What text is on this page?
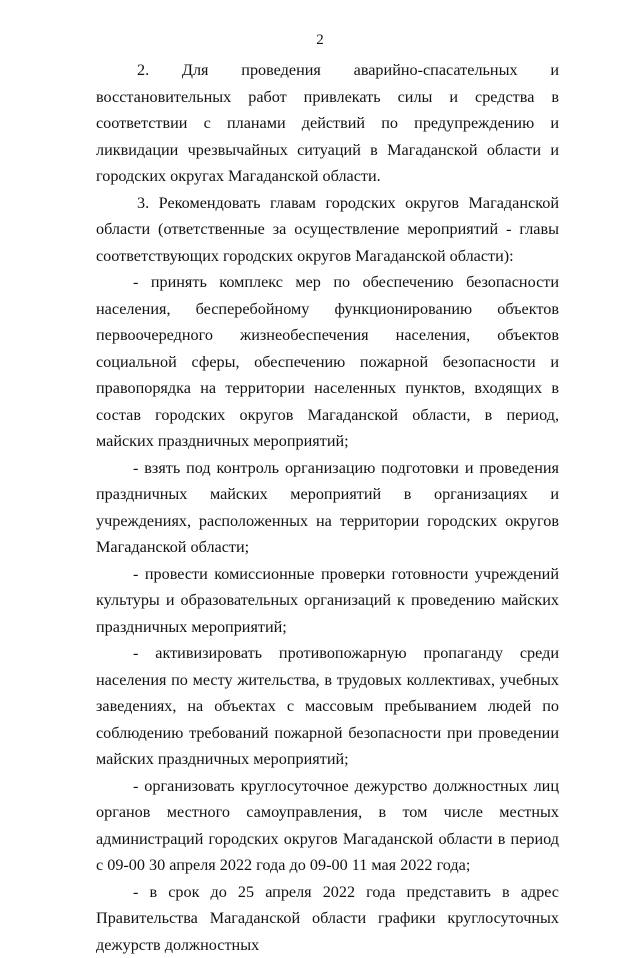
2

2. Для проведения аварийно-спасательных и восстановительных работ привлекать силы и средства в соответствии с планами действий по предупреждению и ликвидации чрезвычайных ситуаций в Магаданской области и городских округах Магаданской области.

3. Рекомендовать главам городских округов Магаданской области (ответственные за осуществление мероприятий - главы соответствующих городских округов Магаданской области):

- принять комплекс мер по обеспечению безопасности населения, бесперебойному функционированию объектов первоочередного жизнеобеспечения населения, объектов социальной сферы, обеспечению пожарной безопасности и правопорядка на территории населенных пунктов, входящих в состав городских округов Магаданской области, в период, майских праздничных мероприятий;

- взять под контроль организацию подготовки и проведения праздничных майских мероприятий в организациях и учреждениях, расположенных на территории городских округов Магаданской области;

- провести комиссионные проверки готовности учреждений культуры и образовательных организаций к проведению майских праздничных мероприятий;

- активизировать противопожарную пропаганду среди населения по месту жительства, в трудовых коллективах, учебных заведениях, на объектах с массовым пребыванием людей по соблюдению требований пожарной безопасности при проведении майских праздничных мероприятий;

- организовать круглосуточное дежурство должностных лиц органов местного самоуправления, в том числе местных администраций городских округов Магаданской области в период с 09-00 30 апреля 2022 года до 09-00 11 мая 2022 года;

- в срок до 25 апреля 2022 года представить в адрес Правительства Магаданской области графики круглосуточных дежурств должностных
